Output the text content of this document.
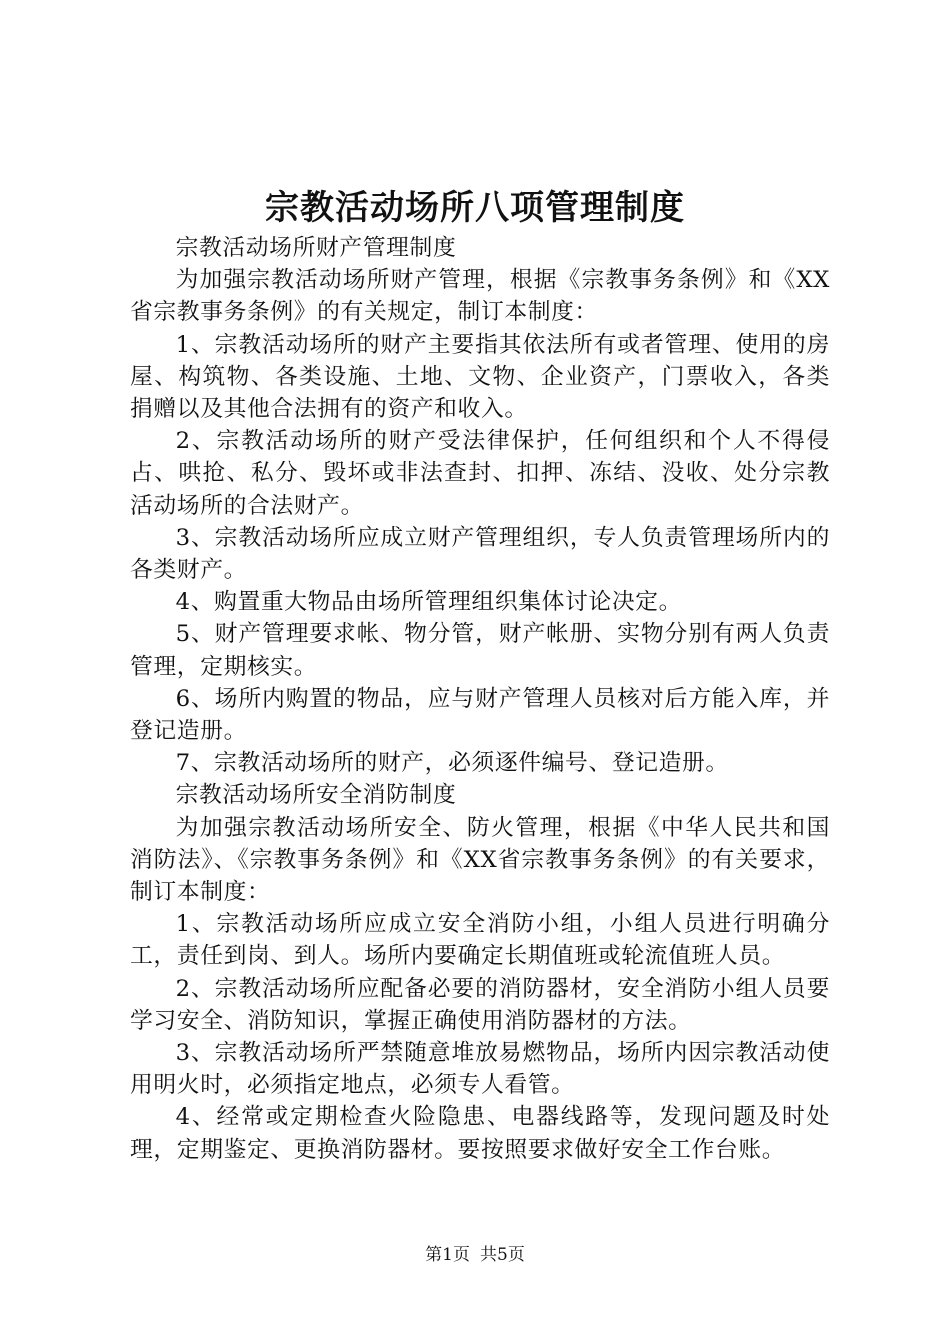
宗教活动场所八项管理制度

宗教活动场所财产管理制度

为加强宗教活动场所财产管理，根据《宗教事务条例》和《XX省宗教事务条例》的有关规定，制订本制度：

1、宗教活动场所的财产主要指其依法所有或者管理、使用的房屋、构筑物、各类设施、土地、文物、企业资产，门票收入，各类捐赠以及其他合法拥有的资产和收入。

2、宗教活动场所的财产受法律保护，任何组织和个人不得侵占、哄抢、私分、毁坏或非法查封、扣押、冻结、没收、处分宗教活动场所的合法财产。

3、宗教活动场所应成立财产管理组织，专人负责管理场所内的各类财产。

4、购置重大物品由场所管理组织集体讨论决定。

5、财产管理要求帐、物分管，财产帐册、实物分别有两人负责管理，定期核实。

6、场所内购置的物品，应与财产管理人员核对后方能入库，并登记造册。

7、宗教活动场所的财产，必须逐件编号、登记造册。

宗教活动场所安全消防制度

为加强宗教活动场所安全、防火管理，根据《中华人民共和国消防法》、《宗教事务条例》和《XX省宗教事务条例》的有关要求，制订本制度：

1、宗教活动场所应成立安全消防小组，小组人员进行明确分工，责任到岗、到人。场所内要确定长期值班或轮流值班人员。

2、宗教活动场所应配备必要的消防器材，安全消防小组人员要学习安全、消防知识，掌握正确使用消防器材的方法。

3、宗教活动场所严禁随意堆放易燃物品，场所内因宗教活动使用明火时，必须指定地点，必须专人看管。

4、经常或定期检查火险隐患、电器线路等，发现问题及时处理，定期鉴定、更换消防器材。要按照要求做好安全工作台账。

第1页 共5页
